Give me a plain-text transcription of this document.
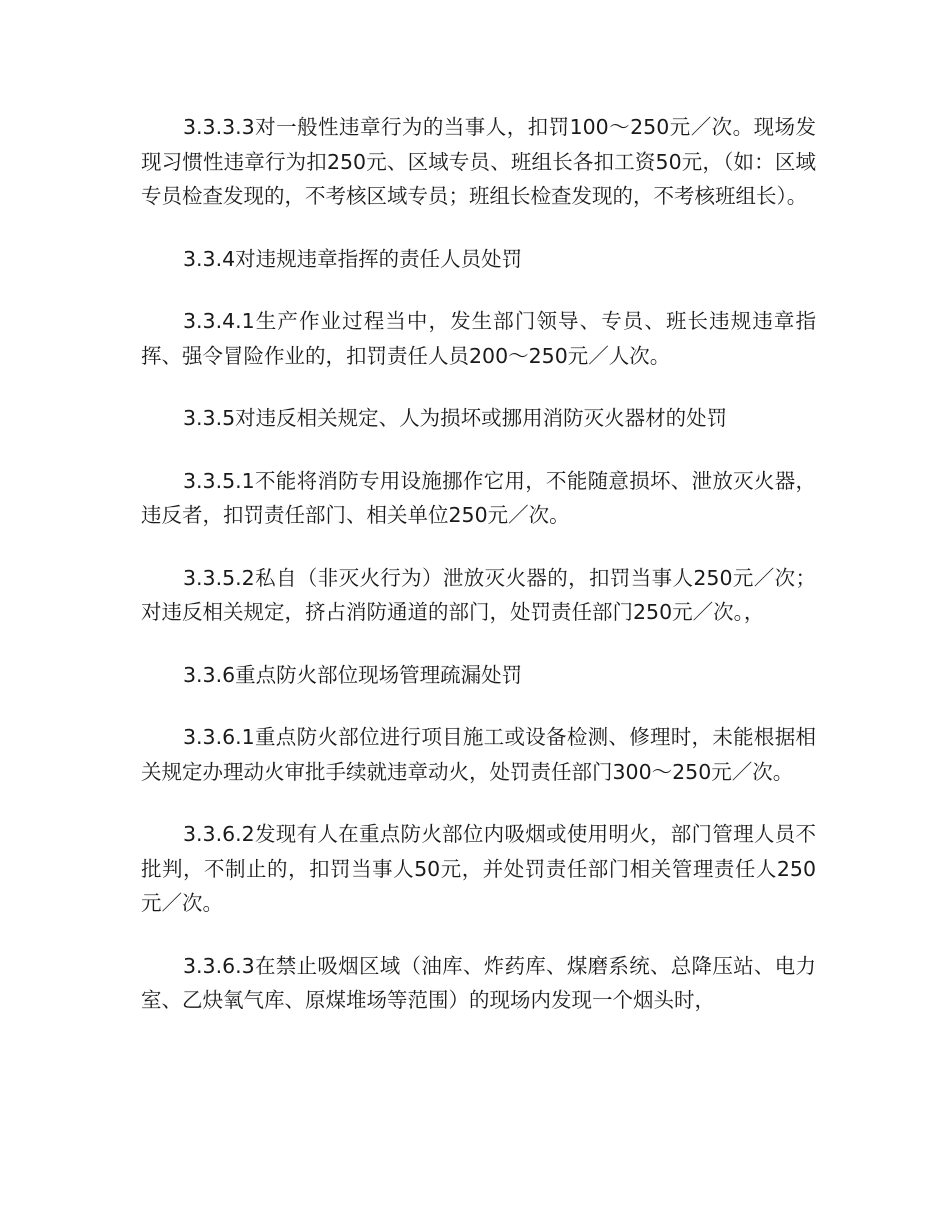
3.3.3.3对一般性违章行为的当事人，扣罚100～250元／次。现场发现习惯性违章行为扣250元、区域专员、班组长各扣工资50元，（如：区域专员检查发现的，不考核区域专员；班组长检查发现的，不考核班组长）。

3.3.4对违规违章指挥的责任人员处罚

3.3.4.1生产作业过程当中，发生部门领导、专员、班长违规违章指挥、强令冒险作业的，扣罚责任人员200～250元／人次。

3.3.5对违反相关规定、人为损坏或挪用消防灭火器材的处罚

3.3.5.1不能将消防专用设施挪作它用，不能随意损坏、泄放灭火器，违反者，扣罚责任部门、相关单位250元／次。

3.3.5.2私自（非灭火行为）泄放灭火器的，扣罚当事人250元／次；对违反相关规定，挤占消防通道的部门，处罚责任部门250元／次。，

3.3.6重点防火部位现场管理疏漏处罚

3.3.6.1重点防火部位进行项目施工或设备检测、修理时，未能根据相关规定办理动火审批手续就违章动火，处罚责任部门300～250元／次。

3.3.6.2发现有人在重点防火部位内吸烟或使用明火，部门管理人员不批判，不制止的，扣罚当事人50元，并处罚责任部门相关管理责任人250元／次。

3.3.6.3在禁止吸烟区域（油库、炸药库、煤磨系统、总降压站、电力室、乙炔氧气库、原煤堆场等范围）的现场内发现一个烟头时，
